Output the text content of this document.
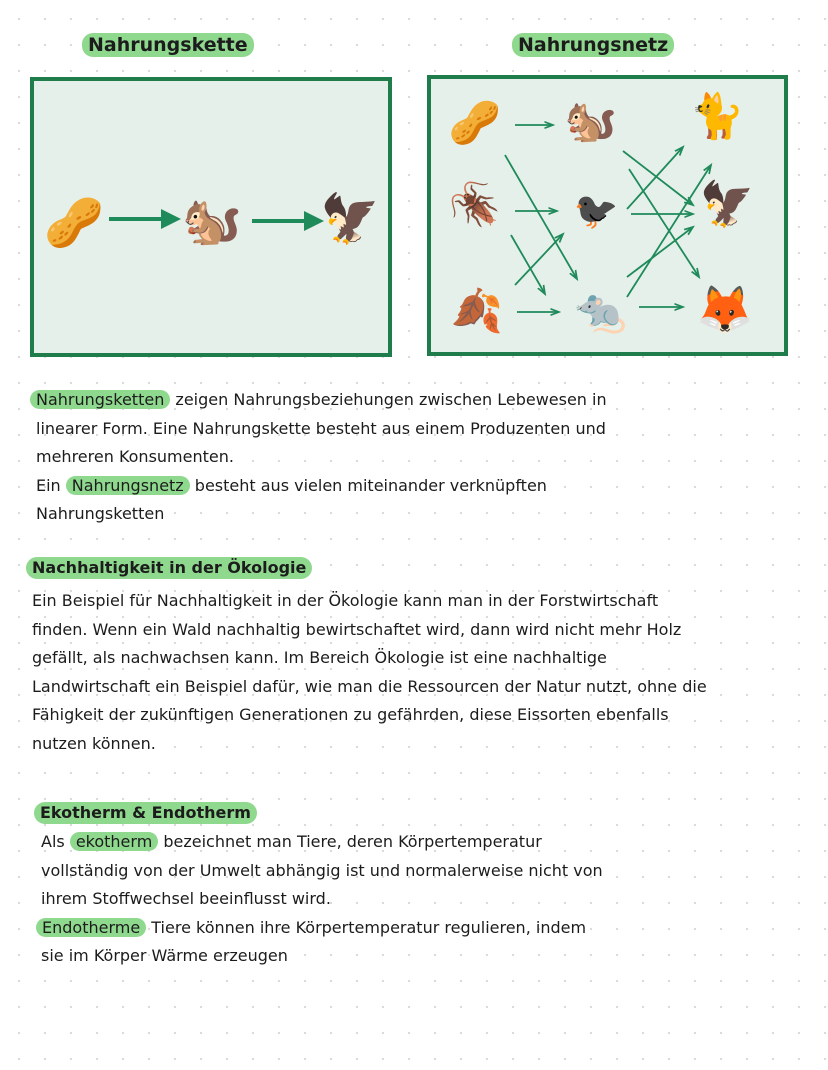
Nahrungskette	Nahrungsnetz
🥜 🐿️ 🦅
🥜 🐿️ 🐈
🪳 🐦‍⬛ 🦅
🍂 🐀 🦊
Nahrungsketten zeigen Nahrungsbeziehungen zwischen Lebewesen in
linearer Form. Eine Nahrungskette besteht aus einem Produzenten und
mehreren Konsumenten.
Ein Nahrungsnetz besteht aus vielen miteinander verknüpften
Nahrungsketten
Nachhaltigkeit in der Ökologie
Ein Beispiel für Nachhaltigkeit in der Ökologie kann man in der Forstwirtschaft
finden. Wenn ein Wald nachhaltig bewirtschaftet wird, dann wird nicht mehr Holz
gefällt, als nachwachsen kann. Im Bereich Ökologie ist eine nachhaltige
Landwirtschaft ein Beispiel dafür, wie man die Ressourcen der Natur nutzt, ohne die
Fähigkeit der zukünftigen Generationen zu gefährden, diese Eissorten ebenfalls
nutzen können.
Ekotherm & Endotherm
Als ekotherm bezeichnet man Tiere, deren Körpertemperatur
vollständig von der Umwelt abhängig ist und normalerweise nicht von
ihrem Stoffwechsel beeinflusst wird.
Endotherme Tiere können ihre Körpertemperatur regulieren, indem
sie im Körper Wärme erzeugen
